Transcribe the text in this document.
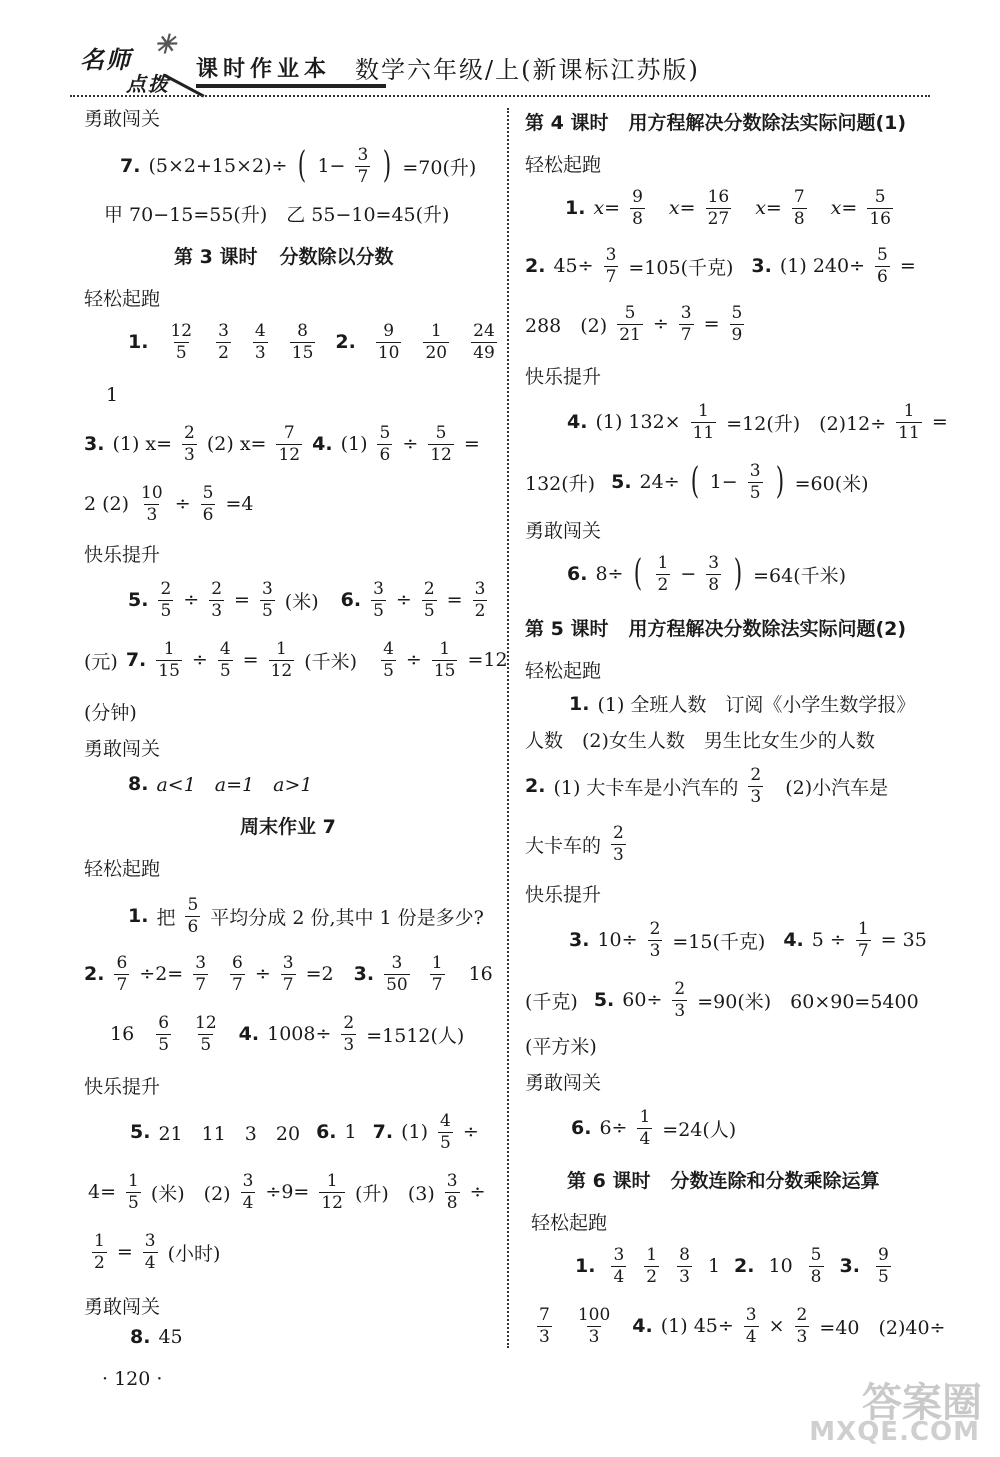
名师 ✳
点拨
课时作业本 数学六年级/上(新课标江苏版)
勇敢闯关
7. (5×2+15×2)÷ ( $1- \frac{3}{7}$ ) =70(升)
甲 70−15=55(升)　乙 55−10=45(升)
第 3 课时 分数除以分数
轻松起跑
1. $\frac{12}{5} \frac{3}{2} \frac{4}{3} \frac{8}{15} 2$. $\frac{9}{10} \frac{1}{20} \frac{24}{49}$
1
3. (1) $x= \frac{2}{3} (2)$ $x= \frac{7}{12} 4$. $(1) \frac{5}{6} \div \frac{5}{12}$ =
2 $(2) \frac{10}{3} \div \frac{5}{6} =4$
快乐提升
5. $\frac{2}{5} \div \frac{2}{3} = \frac{3}{5}$ (米) 6. $\frac{3}{5} \div \frac{2}{5} = \frac{3}{2}$
(元) 7. $\frac{1}{15} \div \frac{4}{5} = \frac{1}{12}$ (千米) $\frac{4}{5} \div \frac{1}{15} =12$
(分钟)
勇敢闯关
8. a<1　a=1　a>1
周末作业 7
轻松起跑
1. 把 $\frac{5}{6}$ 平均分成 2 份,其中 1 份是多少?
2. $\frac{6}{7} \div 2= \frac{3}{7} \frac{6}{7} \div \frac{3}{7} =2$ 3. $\frac{3}{50} \frac{1}{7} 16$
$16 \frac{6}{5} \frac{12}{5} 4$. $1008\div \frac{2}{3} =1512$(人)
快乐提升
5. 21　11　3　20 6. 1 7. $(1) \frac{4}{5}$ ÷
$4= \frac{1}{5}$ (米)　$(2) \frac{3}{4} \div 9= \frac{1}{12}$ (升)　$(3) \frac{3}{8}$ ÷
$\frac{1}{2} = \frac{3}{4}$ (小时)
勇敢闯关
8. 45
第 4 课时 用方程解决分数除法实际问题(1)
轻松起跑
1. $x= \frac{9}{8} x= \frac{16}{27} x= \frac{7}{8} x= \frac{5}{16}$
2. $45\div \frac{3}{7} =105$(千克) 3. (1) $240\div \frac{5}{6}$ =
288　$(2) \frac{5}{21} \div \frac{3}{7} = \frac{5}{9}$
快乐提升
4. (1) $132\times \frac{1}{11} =12$(升)　$(2)12\div \frac{1}{11}$ =
132(升) 5. 24÷ ( $1- \frac{3}{5}$ ) =60(米)
勇敢闯关
6. 8÷ ( $\frac{1}{2} - \frac{3}{8}$ ) =64(千米)
第 5 课时 用方程解决分数除法实际问题(2)
轻松起跑
1. (1) 全班人数　订阅《小学生数学报》
人数　(2)女生人数　男生比女生少的人数
2. (1) 大卡车是小汽车的 $\frac{2}{3} (2)$小汽车是
大卡车的 $\frac{2}{3}$
快乐提升
3. $10\div \frac{2}{3} =15$(千克) 4. $5 \div \frac{1}{7} = 35$
(千克) 5. $60\div \frac{2}{3} =90$(米)　60×90=5400
(平方米)
勇敢闯关
6. $6\div \frac{1}{4} =24$(人)
第 6 课时 分数连除和分数乘除运算
轻松起跑
1. $\frac{3}{4} \frac{1}{2} \frac{8}{3} 1$ 2. $10 \frac{5}{8} 3$. $\frac{9}{5}$
$\frac{7}{3} \frac{100}{3} 4$. (1) $45\div \frac{3}{4} \times \frac{2}{3} =40$　(2)40÷
· 120 ·
答案圈
MXQE.COM
